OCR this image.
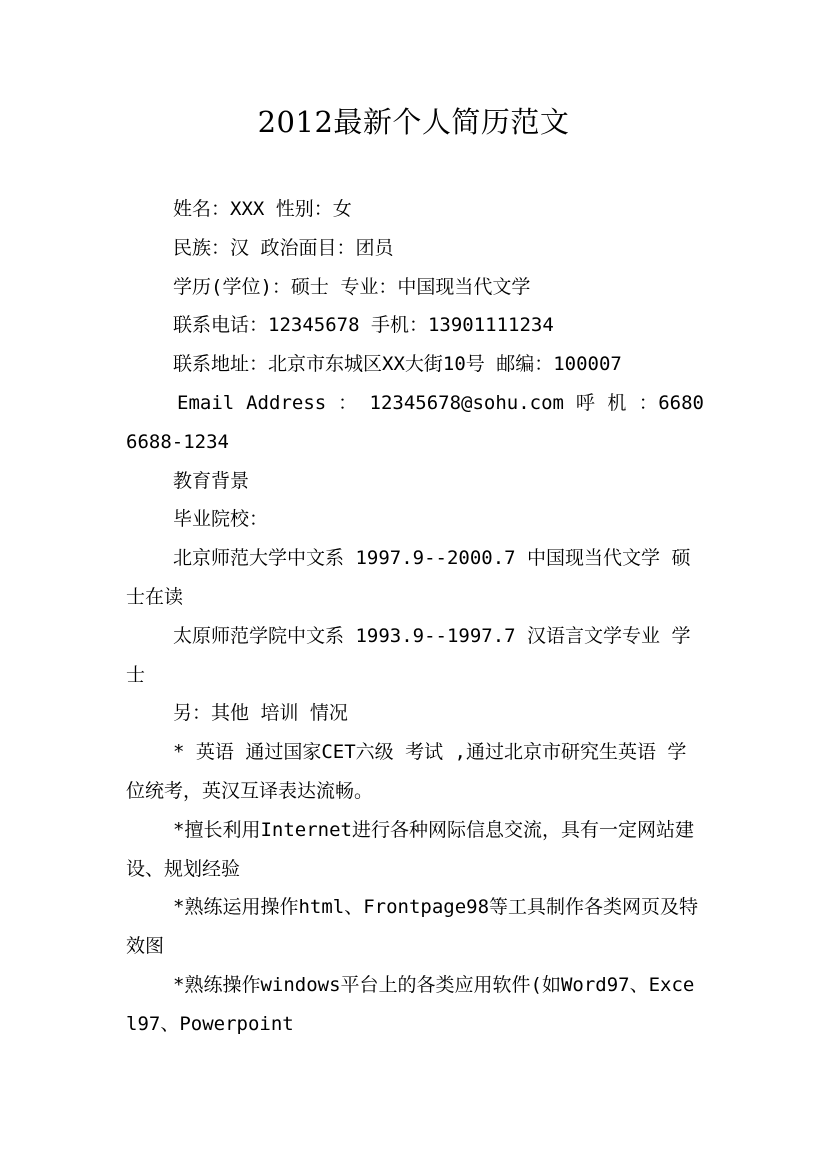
2012最新个人简历范文

姓名：XXX 性别：女

民族：汉 政治面目：团员

学历(学位)：硕士 专业：中国现当代文学

联系电话：12345678 手机：13901111234

联系地址：北京市东城区XX大街10号 邮编：100007

Email Address ： 12345678@sohu.com 呼 机 ：66806688-1234

教育背景

毕业院校：

北京师范大学中文系 1997.9--2000.7 中国现当代文学 硕士在读

太原师范学院中文系 1993.9--1997.7 汉语言文学专业 学士

另：其他 培训 情况

* 英语 通过国家CET六级 考试 ,通过北京市研究生英语 学位统考，英汉互译表达流畅。

*擅长利用Internet进行各种网际信息交流，具有一定网站建设、规划经验

*熟练运用操作html、Frontpage98等工具制作各类网页及特效图

*熟练操作windows平台上的各类应用软件(如Word97、Excel97、Powerpoint
